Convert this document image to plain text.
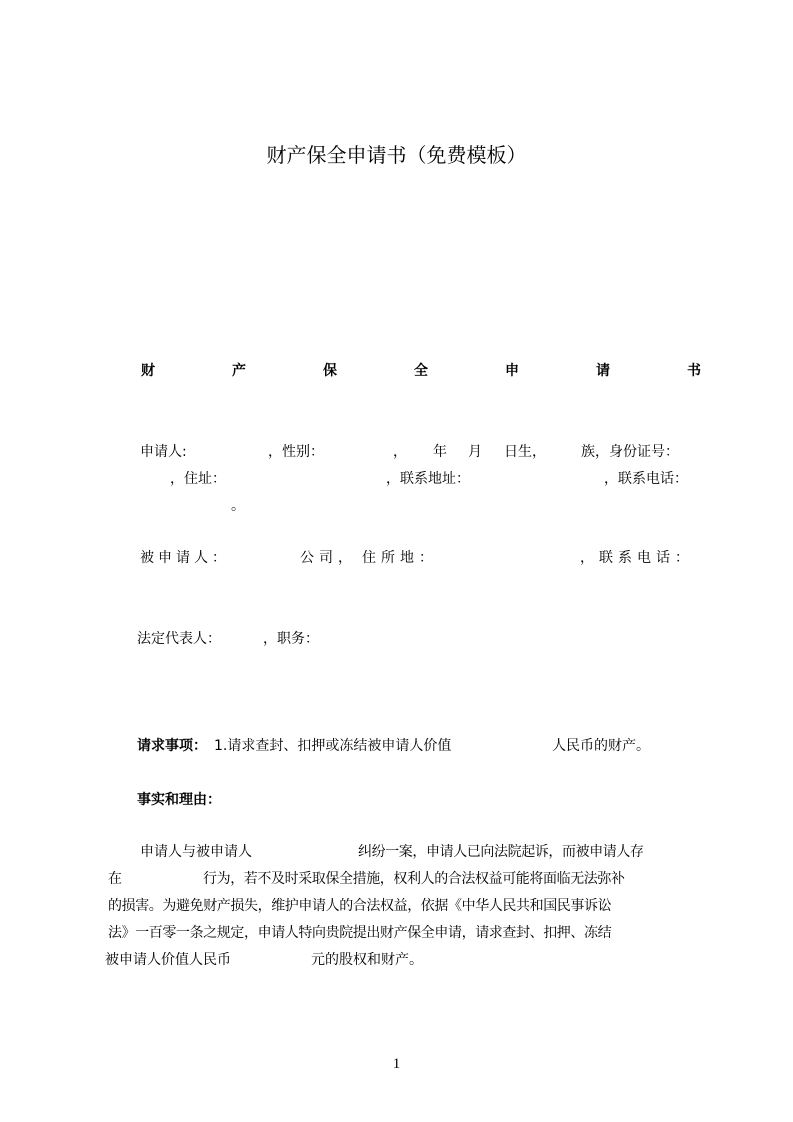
财产保全申请书（免费模板）
财	产	保	全	申	请	书
申请人:	，性别：	， 年 月 日生，	族，身份证号：
，住址：	，联系地址：	，联系电话：
。
被申请人：	公司， 住所地：	，联系电话：
法定代表人：	，职务：
请求事项： 1.请求查封、扣押或冻结被申请人价值	人民币的财产。
事实和理由：
申请人与被申请人	纠纷一案，申请人已向法院起诉，而被申请人存
在	行为，若不及时采取保全措施，权利人的合法权益可能将面临无法弥补
的损害。为避免财产损失，维护申请人的合法权益，依据《中华人民共和国民事诉讼
法》一百零一条之规定，申请人特向贵院提出财产保全申请，请求查封、扣押、冻结
被申请人价值人民币	元的股权和财产。
1
